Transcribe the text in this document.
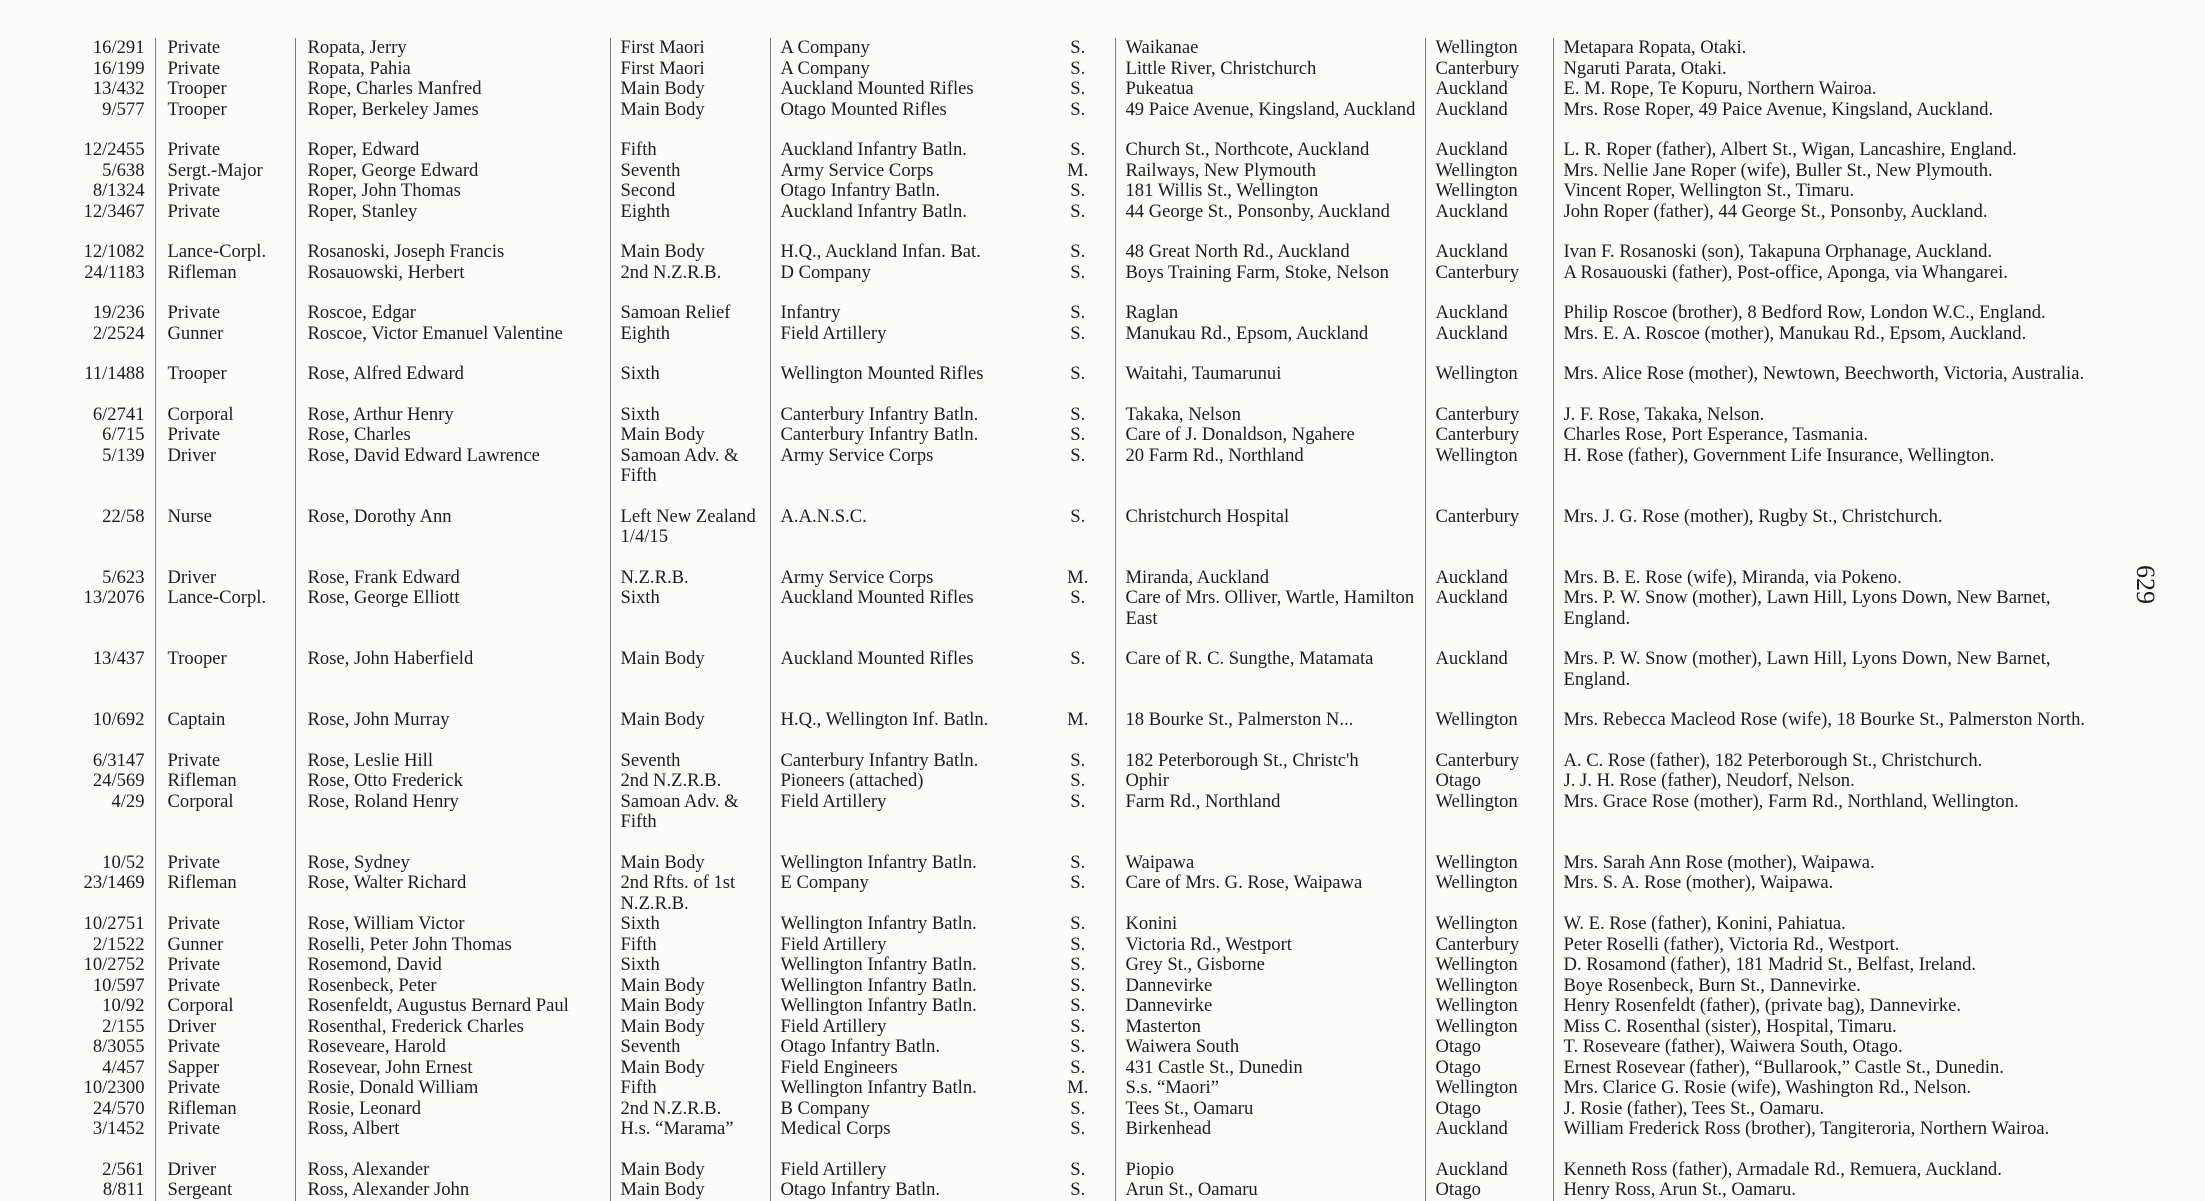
16/291	Private	Ropata, Jerry	First Maori	A Company	S.	Waikanae	Wellington	Metapara Ropata, Otaki.
16/199	Private	Ropata, Pahia	First Maori	A Company	S.	Little River, Christchurch	Canterbury	Ngaruti Parata, Otaki.
13/432	Trooper	Rope, Charles Manfred	Main Body	Auckland Mounted Rifles	S.	Pukeatua	Auckland	E. M. Rope, Te Kopuru, Northern Wairoa.
9/577	Trooper	Roper, Berkeley James	Main Body	Otago Mounted Rifles	S.	49 Paice Avenue, Kingsland, Auckland	Auckland	Mrs. Rose Roper, 49 Paice Avenue, Kingsland, Auckland.
12/2455	Private	Roper, Edward	Fifth	Auckland Infantry Batln.	S.	Church St., Northcote, Auckland	Auckland	L. R. Roper (father), Albert St., Wigan, Lancashire, England.
5/638	Sergt.-Major	Roper, George Edward	Seventh	Army Service Corps	M.	Railways, New Plymouth	Wellington	Mrs. Nellie Jane Roper (wife), Buller St., New Plymouth.
8/1324	Private	Roper, John Thomas	Second	Otago Infantry Batln.	S.	181 Willis St., Wellington	Wellington	Vincent Roper, Wellington St., Timaru.
12/3467	Private	Roper, Stanley	Eighth	Auckland Infantry Batln.	S.	44 George St., Ponsonby, Auckland	Auckland	John Roper (father), 44 George St., Ponsonby, Auckland.
12/1082	Lance-Corpl.	Rosanoski, Joseph Francis	Main Body	H.Q., Auckland Infan. Bat.	S.	48 Great North Rd., Auckland	Auckland	Ivan F. Rosanoski (son), Takapuna Orphanage, Auckland.
24/1183	Rifleman	Rosauowski, Herbert	2nd N.Z.R.B.	D Company	S.	Boys Training Farm, Stoke, Nelson	Canterbury	A Rosauouski (father), Post-office, Aponga, via Whangarei.
19/236	Private	Roscoe, Edgar	Samoan Relief	Infantry	S.	Raglan	Auckland	Philip Roscoe (brother), 8 Bedford Row, London W.C., England.
2/2524	Gunner	Roscoe, Victor Emanuel Valentine	Eighth	Field Artillery	S.	Manukau Rd., Epsom, Auckland	Auckland	Mrs. E. A. Roscoe (mother), Manukau Rd., Epsom, Auckland.
11/1488	Trooper	Rose, Alfred Edward	Sixth	Wellington Mounted Rifles	S.	Waitahi, Taumarunui	Wellington	Mrs. Alice Rose (mother), Newtown, Beechworth, Victoria, Australia.
6/2741	Corporal	Rose, Arthur Henry	Sixth	Canterbury Infantry Batln.	S.	Takaka, Nelson	Canterbury	J. F. Rose, Takaka, Nelson.
6/715	Private	Rose, Charles	Main Body	Canterbury Infantry Batln.	S.	Care of J. Donaldson, Ngahere	Canterbury	Charles Rose, Port Esperance, Tasmania.
5/139	Driver	Rose, David Edward Lawrence	Samoan Adv. & Fifth	Army Service Corps	S.	20 Farm Rd., Northland	Wellington	H. Rose (father), Government Life Insurance, Wellington.
22/58	Nurse	Rose, Dorothy Ann	Left New Zealand 1/4/15	A.A.N.S.C.	S.	Christchurch Hospital	Canterbury	Mrs. J. G. Rose (mother), Rugby St., Christchurch.
5/623	Driver	Rose, Frank Edward	N.Z.R.B.	Army Service Corps	M.	Miranda, Auckland	Auckland	Mrs. B. E. Rose (wife), Miranda, via Pokeno.
13/2076	Lance-Corpl.	Rose, George Elliott	Sixth	Auckland Mounted Rifles	S.	Care of Mrs. Olliver, Wartle, Hamilton East	Auckland	Mrs. P. W. Snow (mother), Lawn Hill, Lyons Down, New Barnet, England.
13/437	Trooper	Rose, John Haberfield	Main Body	Auckland Mounted Rifles	S.	Care of R. C. Sungthe, Matamata	Auckland	Mrs. P. W. Snow (mother), Lawn Hill, Lyons Down, New Barnet, England.
10/692	Captain	Rose, John Murray	Main Body	H.Q., Wellington Inf. Batln.	M.	18 Bourke St., Palmerston N...	Wellington	Mrs. Rebecca Macleod Rose (wife), 18 Bourke St., Palmerston North.
6/3147	Private	Rose, Leslie Hill	Seventh	Canterbury Infantry Batln.	S.	182 Peterborough St., Christc'h	Canterbury	A. C. Rose (father), 182 Peterborough St., Christchurch.
24/569	Rifleman	Rose, Otto Frederick	2nd N.Z.R.B.	Pioneers (attached)	S.	Ophir	Otago	J. J. H. Rose (father), Neudorf, Nelson.
4/29	Corporal	Rose, Roland Henry	Samoan Adv. & Fifth	Field Artillery	S.	Farm Rd., Northland	Wellington	Mrs. Grace Rose (mother), Farm Rd., Northland, Wellington.
10/52	Private	Rose, Sydney	Main Body	Wellington Infantry Batln.	S.	Waipawa	Wellington	Mrs. Sarah Ann Rose (mother), Waipawa.
23/1469	Rifleman	Rose, Walter Richard	2nd Rfts. of 1st N.Z.R.B.	E Company	S.	Care of Mrs. G. Rose, Waipawa	Wellington	Mrs. S. A. Rose (mother), Waipawa.
10/2751	Private	Rose, William Victor	Sixth	Wellington Infantry Batln.	S.	Konini	Wellington	W. E. Rose (father), Konini, Pahiatua.
2/1522	Gunner	Roselli, Peter John Thomas	Fifth	Field Artillery	S.	Victoria Rd., Westport	Canterbury	Peter Roselli (father), Victoria Rd., Westport.
10/2752	Private	Rosemond, David	Sixth	Wellington Infantry Batln.	S.	Grey St., Gisborne	Wellington	D. Rosamond (father), 181 Madrid St., Belfast, Ireland.
10/597	Private	Rosenbeck, Peter	Main Body	Wellington Infantry Batln.	S.	Dannevirke	Wellington	Boye Rosenbeck, Burn St., Dannevirke.
10/92	Corporal	Rosenfeldt, Augustus Bernard Paul	Main Body	Wellington Infantry Batln.	S.	Dannevirke	Wellington	Henry Rosenfeldt (father), (private bag), Dannevirke.
2/155	Driver	Rosenthal, Frederick Charles	Main Body	Field Artillery	S.	Masterton	Wellington	Miss C. Rosenthal (sister), Hospital, Timaru.
8/3055	Private	Roseveare, Harold	Seventh	Otago Infantry Batln.	S.	Waiwera South	Otago	T. Roseveare (father), Waiwera South, Otago.
4/457	Sapper	Rosevear, John Ernest	Main Body	Field Engineers	S.	431 Castle St., Dunedin	Otago	Ernest Rosevear (father), “Bullarook,” Castle St., Dunedin.
10/2300	Private	Rosie, Donald William	Fifth	Wellington Infantry Batln.	M.	S.s. “Maori”	Wellington	Mrs. Clarice G. Rosie (wife), Washington Rd., Nelson.
24/570	Rifleman	Rosie, Leonard	2nd N.Z.R.B.	B Company	S.	Tees St., Oamaru	Otago	J. Rosie (father), Tees St., Oamaru.
3/1452	Private	Ross, Albert	H.s. “Marama”	Medical Corps	S.	Birkenhead	Auckland	William Frederick Ross (brother), Tangiteroria, Northern Wairoa.
2/561	Driver	Ross, Alexander	Main Body	Field Artillery	S.	Piopio	Auckland	Kenneth Ross (father), Armadale Rd., Remuera, Auckland.
8/811	Sergeant	Ross, Alexander John	Main Body	Otago Infantry Batln.	S.	Arun St., Oamaru	Otago	Henry Ross, Arun St., Oamaru.
629
